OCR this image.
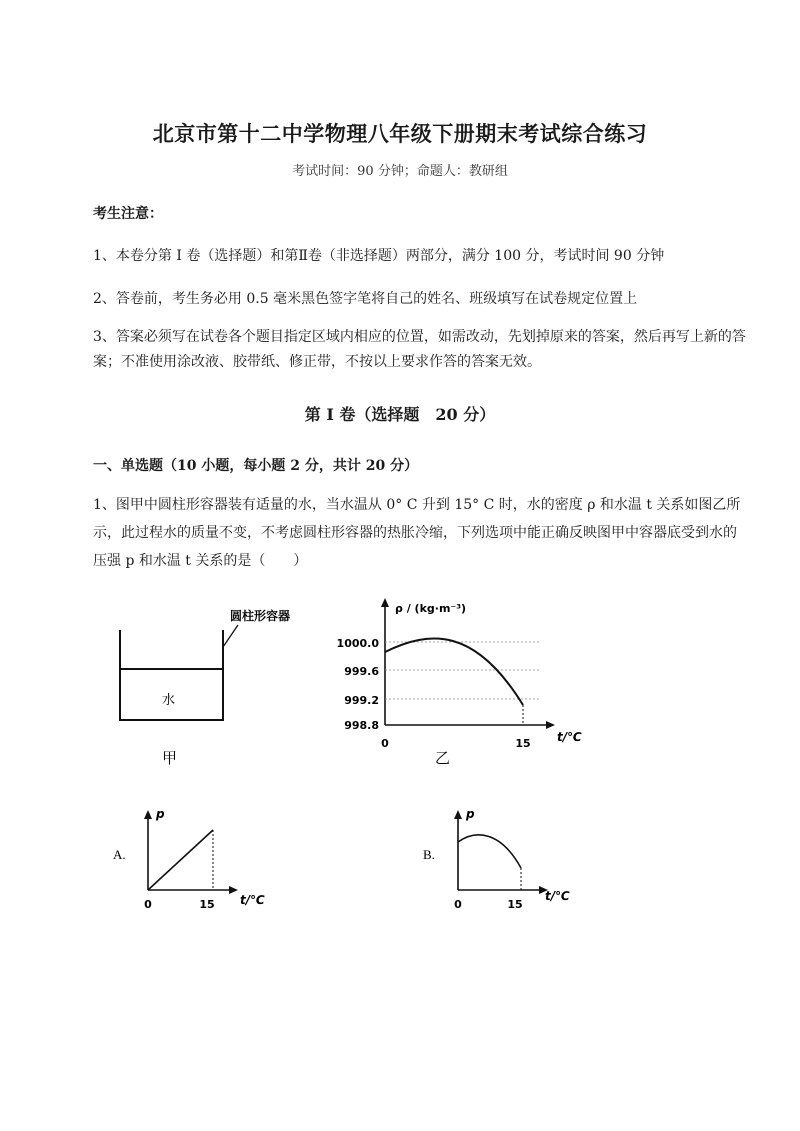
北京市第十二中学物理八年级下册期末考试综合练习
考试时间：90 分钟；命题人：教研组
考生注意：
1、本卷分第 I 卷（选择题）和第Ⅱ卷（非选择题）两部分，满分 100 分，考试时间 90 分钟
2、答卷前，考生务必用 0.5 毫米黑色签字笔将自己的姓名、班级填写在试卷规定位置上
3、答案必须写在试卷各个题目指定区域内相应的位置，如需改动，先划掉原来的答案，然后再写上新的答案；不准使用涂改液、胶带纸、修正带，不按以上要求作答的答案无效。
第 I 卷（选择题　20 分）
一、单选题（10 小题，每小题 2 分，共计 20 分）
1、图甲中圆柱形容器装有适量的水，当水温从 0° C 升到 15° C 时，水的密度 ρ 和水温 t 关系如图乙所示，此过程水的质量不变，不考虑圆柱形容器的热胀冷缩，下列选项中能正确反映图甲中容器底受到水的压强 p 和水温 t 关系的是（　　）
圆柱形容器
水
甲
ρ / (kg·m⁻³)
t/℃
1000.0
999.6
999.2
998.8
0	15
乙
A.
p
t/℃
0	15
B.
p
t/℃
0	15
